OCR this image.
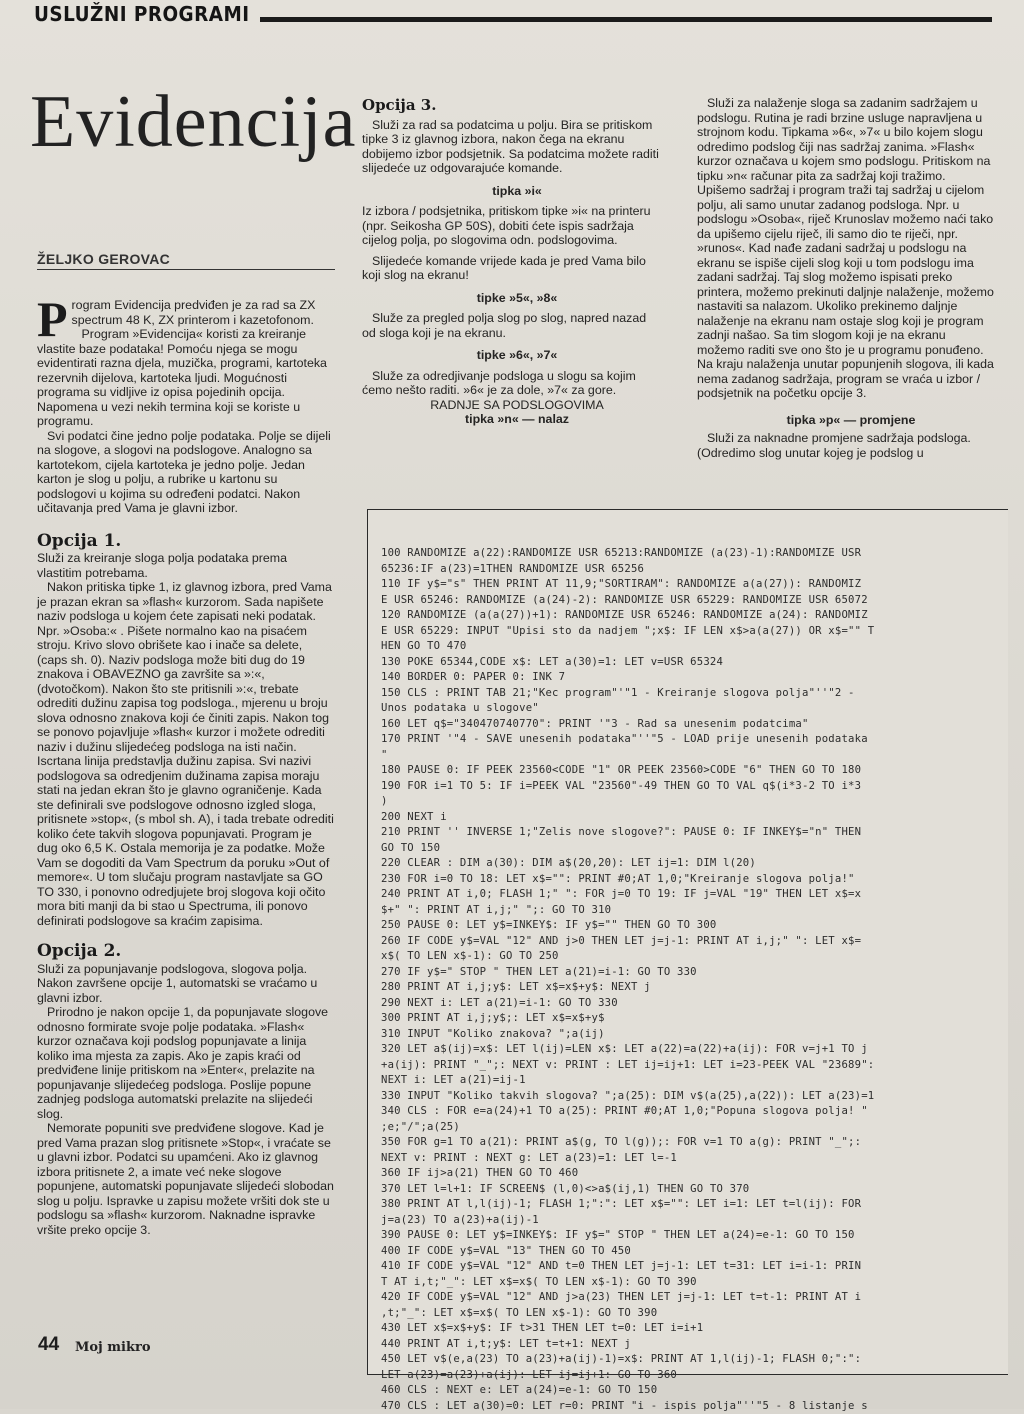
USLUŽNI PROGRAMI
Evidencija
ŽELJKO GEROVAC

Program Evidencija predviđen je za rad sa ZX spectrum 48 K, ZX printerom i kazetofonom.

Program »Evidencija« koristi za kreiranje vlastite baze podataka! Pomoću njega se mogu evidentirati razna djela, muzička, programi, kartoteka rezervnih dijelova, kartoteka ljudi. Mogućnosti programa su vidljive iz opisa pojedinih opcija. Napomena u vezi nekih termina koji se koriste u programu.

Svi podatci čine jedno polje podataka. Polje se dijeli na slogove, a slogovi na podslogove. Analogno sa kartotekom, cijela kartoteka je jedno polje. Jedan karton je slog u polju, a rubrike u kartonu su podslogovi u kojima su određeni podatci. Nakon učitavanja pred Vama je glavni izbor.

Opcija 1.

Služi za kreiranje sloga polja podataka prema vlastitim potrebama.

Nakon pritiska tipke 1, iz glavnog izbora, pred Vama je prazan ekran sa »flash« kurzorom. Sada napišete naziv podsloga u kojem ćete zapisati neki podatak. Npr. »Osoba:« . Pišete normalno kao na pisaćem stroju. Krivo slovo obrišete kao i inače sa delete, (caps sh. 0). Naziv podsloga može biti dug do 19 znakova i OBAVEZNO ga završite sa »:«, (dvotočkom). Nakon što ste pritisnili »:«, trebate odrediti dužinu zapisa tog podsloga., mjerenu u broju slova odnosno znakova koji će činiti zapis. Nakon tog se ponovo pojavljuje »flash« kurzor i možete odrediti naziv i dužinu slijedećeg podsloga na isti način. Iscrtana linija predstavlja dužinu zapisa. Svi nazivi podslogova sa odredjenim dužinama zapisa moraju stati na jedan ekran što je glavno ograničenje. Kada ste definirali sve podslogove odnosno izgled sloga, pritisnete »stop«, (s mbol sh. A), i tada trebate odrediti koliko ćete takvih slogova popunjavati. Program je dug oko 6,5 K. Ostala memorija je za podatke. Može Vam se dogoditi da Vam Spectrum da poruku »Out of memore«. U tom slučaju program nastavljate sa GO TO 330, i ponovno odredjujete broj slogova koji očito mora biti manji da bi stao u Spectruma, ili ponovo definirati podslogove sa kraćim zapisima.

Opcija 2.

Služi za popunjavanje podslogova, slogova polja. Nakon završene opcije 1, automatski se vraćamo u glavni izbor.

Prirodno je nakon opcije 1, da popunjavate slogove odnosno formirate svoje polje podataka. »Flash« kurzor označava koji podslog popunjavate a linija koliko ima mjesta za zapis. Ako je zapis kraći od predviđene linije pritiskom na »Enter«, prelazite na popunjavanje slijedećeg podsloga. Poslije popune zadnjeg podsloga automatski prelazite na slijedeći slog.

Nemorate popuniti sve predviđene slogove. Kad je pred Vama prazan slog pritisnete »Stop«, i vraćate se u glavni izbor. Podatci su upamćeni. Ako iz glavnog izbora pritisnete 2, a imate već neke slogove popunjene, automatski popunjavate slijedeći slobodan slog u polju. Ispravke u zapisu možete vršiti dok ste u podslogu sa »flash« kurzorom. Naknadne ispravke vršite preko opcije 3.

Opcija 3.

Služi za rad sa podatcima u polju. Bira se pritiskom tipke 3 iz glavnog izbora, nakon čega na ekranu dobijemo izbor podsjetnik. Sa podatcima možete raditi slijedeće uz odgovarajuće komande.

tipka »i«

Iz izbora / podsjetnika, pritiskom tipke »i« na printeru (npr. Seikosha GP 50S), dobiti ćete ispis sadržaja cijelog polja, po slogovima odn. podslogovima.

Slijedeće komande vrijede kada je pred Vama bilo koji slog na ekranu!

tipke »5«, »8«

Služe za pregled polja slog po slog, napred nazad od sloga koji je na ekranu.

tipke »6«, »7«

Služe za odredjivanje podsloga u slogu sa kojim ćemo nešto raditi. »6« je za dole, »7« za gore.

RADNJE SA PODSLOGOVIMA

tipka »n« — nalaz

Služi za nalaženje sloga sa zadanim sadržajem u podslogu. Rutina je radi brzine usluge napravljena u strojnom kodu. Tipkama »6«, »7« u bilo kojem slogu odredimo podslog čiji nas sadržaj zanima. »Flash« kurzor označava u kojem smo podslogu. Pritiskom na tipku »n« računar pita za sadržaj koji tražimo. Upišemo sadržaj i program traži taj sadržaj u cijelom polju, ali samo unutar zadanog podsloga. Npr. u podslogu »Osoba«, riječ Krunoslav možemo naći tako da upišemo cijelu riječ, ili samo dio te riječi, npr. »runos«. Kad nađe zadani sadržaj u podslogu na ekranu se ispiše cijeli slog koji u tom podslogu ima zadani sadržaj. Taj slog možemo ispisati preko printera, možemo prekinuti daljnje nalaženje, možemo nastaviti sa nalazom. Ukoliko prekinemo daljnje nalaženje na ekranu nam ostaje slog koji je program zadnji našao. Sa tim slogom koji je na ekranu možemo raditi sve ono što je u programu ponuđeno. Na kraju nalaženja unutar popunjenih slogova, ili kada nema zadanog sadržaja, program se vraća u izbor / podsjetnik na početku opcije 3.

tipka »p« — promjene

Služi za naknadne promjene sadržaja podsloga. (Odredimo slog unutar kojeg je podslog u

100 RANDOMIZE a(22):RANDOMIZE USR 65213:RANDOMIZE (a(23)-1):RANDOMIZE USR
65236:IF a(23)=1THEN RANDOMIZE USR 65256
110 IF y$="s" THEN PRINT AT 11,9;"SORTIRAM": RANDOMIZE a(a(27)): RANDOMIZ
E USR 65246: RANDOMIZE (a(24)-2): RANDOMIZE USR 65229: RANDOMIZE USR 65072
120 RANDOMIZE (a(a(27))+1): RANDOMIZE USR 65246: RANDOMIZE a(24): RANDOMIZ
E USR 65229: INPUT "Upisi sto da nadjem ";x$: IF LEN x$>a(a(27)) OR x$="" T
HEN GO TO 470
130 POKE 65344,CODE x$: LET a(30)=1: LET v=USR 65324
140 BORDER 0: PAPER 0: INK 7
150 CLS : PRINT TAB 21;"Kec program"'"1 - Kreiranje slogova polja"''"2 -
Unos podataka u slogove"
160 LET q$="340470740770": PRINT '"3 - Rad sa unesenim podatcima"
170 PRINT '"4 - SAVE unesenih podataka"''"5 - LOAD prije unesenih podataka
"
180 PAUSE 0: IF PEEK 23560<CODE "1" OR PEEK 23560>CODE "6" THEN GO TO 180
190 FOR i=1 TO 5: IF i=PEEK VAL "23560"-49 THEN GO TO VAL q$(i*3-2 TO i*3
)
200 NEXT i
210 PRINT '' INVERSE 1;"Zelis nove slogove?": PAUSE 0: IF INKEY$="n" THEN
GO TO 150
220 CLEAR : DIM a(30): DIM a$(20,20): LET ij=1: DIM l(20)
230 FOR i=0 TO 18: LET x$="": PRINT #0;AT 1,0;"Kreiranje slogova polja!"
240 PRINT AT i,0; FLASH 1;" ": FOR j=0 TO 19: IF j=VAL "19" THEN LET x$=x
$+" ": PRINT AT i,j;" ";: GO TO 310
250 PAUSE 0: LET y$=INKEY$: IF y$="" THEN GO TO 300
260 IF CODE y$=VAL "12" AND j>0 THEN LET j=j-1: PRINT AT i,j;" ": LET x$=
x$( TO LEN x$-1): GO TO 250
270 IF y$=" STOP " THEN LET a(21)=i-1: GO TO 330
280 PRINT AT i,j;y$: LET x$=x$+y$: NEXT j
290 NEXT i: LET a(21)=i-1: GO TO 330
300 PRINT AT i,j;y$;: LET x$=x$+y$
310 INPUT "Koliko znakova? ";a(ij)
320 LET a$(ij)=x$: LET l(ij)=LEN x$: LET a(22)=a(22)+a(ij): FOR v=j+1 TO j
+a(ij): PRINT "_";: NEXT v: PRINT : LET ij=ij+1: LET i=23-PEEK VAL "23689":
NEXT i: LET a(21)=ij-1
330 INPUT "Koliko takvih slogova? ";a(25): DIM v$(a(25),a(22)): LET a(23)=1
340 CLS : FOR e=a(24)+1 TO a(25): PRINT #0;AT 1,0;"Popuna slogova polja! "
;e;"/";a(25)
350 FOR g=1 TO a(21): PRINT a$(g, TO l(g));: FOR v=1 TO a(g): PRINT "_";:
NEXT v: PRINT : NEXT g: LET a(23)=1: LET l=-1
360 IF ij>a(21) THEN GO TO 460
370 LET l=l+1: IF SCREEN$ (l,0)<>a$(ij,1) THEN GO TO 370
380 PRINT AT l,l(ij)-1; FLASH 1;":": LET x$="": LET i=1: LET t=l(ij): FOR
j=a(23) TO a(23)+a(ij)-1
390 PAUSE 0: LET y$=INKEY$: IF y$=" STOP " THEN LET a(24)=e-1: GO TO 150
400 IF CODE y$=VAL "13" THEN GO TO 450
410 IF CODE y$=VAL "12" AND t=0 THEN LET j=j-1: LET t=31: LET i=i-1: PRIN
T AT i,t;"_": LET x$=x$( TO LEN x$-1): GO TO 390
420 IF CODE y$=VAL "12" AND j>a(23) THEN LET j=j-1: LET t=t-1: PRINT AT i
,t;"_": LET x$=x$( TO LEN x$-1): GO TO 390
430 LET x$=x$+y$: IF t>31 THEN LET t=0: LET i=i+1
440 PRINT AT i,t;y$: LET t=t+1: NEXT j
450 LET v$(e,a(23) TO a(23)+a(ij)-1)=x$: PRINT AT 1,l(ij)-1; FLASH 0;":":
LET a(23)=a(23)+a(ij): LET ij=ij+1: GO TO 360
460 CLS : NEXT e: LET a(24)=e-1: GO TO 150
470 CLS : LET a(30)=0: LET r=0: PRINT "i - ispis polja"''"5 - 8 listanje s
44 Moj mikro
